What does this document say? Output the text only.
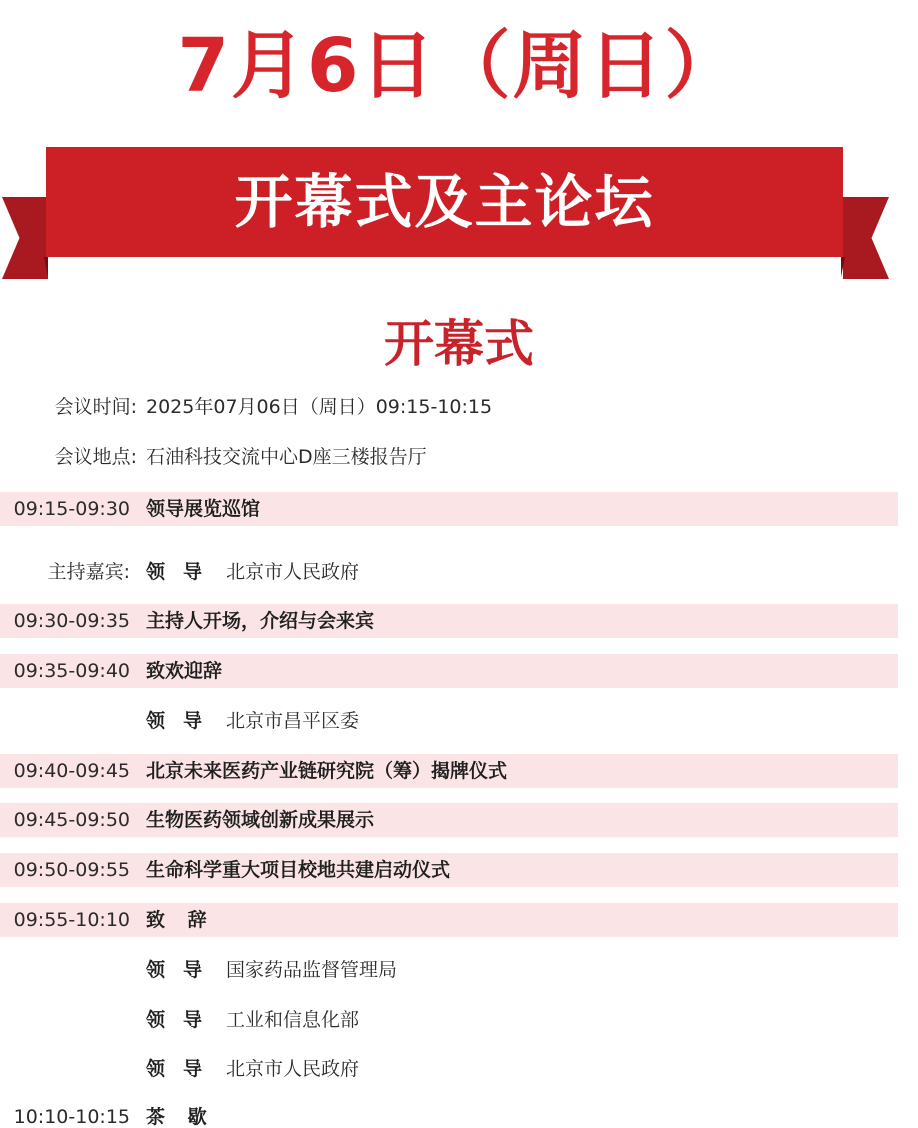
7月6日（周日）
开幕式及主论坛
开幕式
会议时间: 2025年07月06日（周日）09:15-10:15
会议地点: 石油科技交流中心D座三楼报告厅
09:15-09:30 领导展览巡馆
主持嘉宾: 领导 北京市人民政府
09:30-09:35 主持人开场，介绍与会来宾
09:35-09:40 致欢迎辞
领导 北京市昌平区委
09:40-09:45 北京未来医药产业链研究院（筹）揭牌仪式
09:45-09:50 生物医药领域创新成果展示
09:50-09:55 生命科学重大项目校地共建启动仪式
09:55-10:10 致 辞
领导 国家药品监督管理局
领导 工业和信息化部
领导 北京市人民政府
10:10-10:15 茶 歇
